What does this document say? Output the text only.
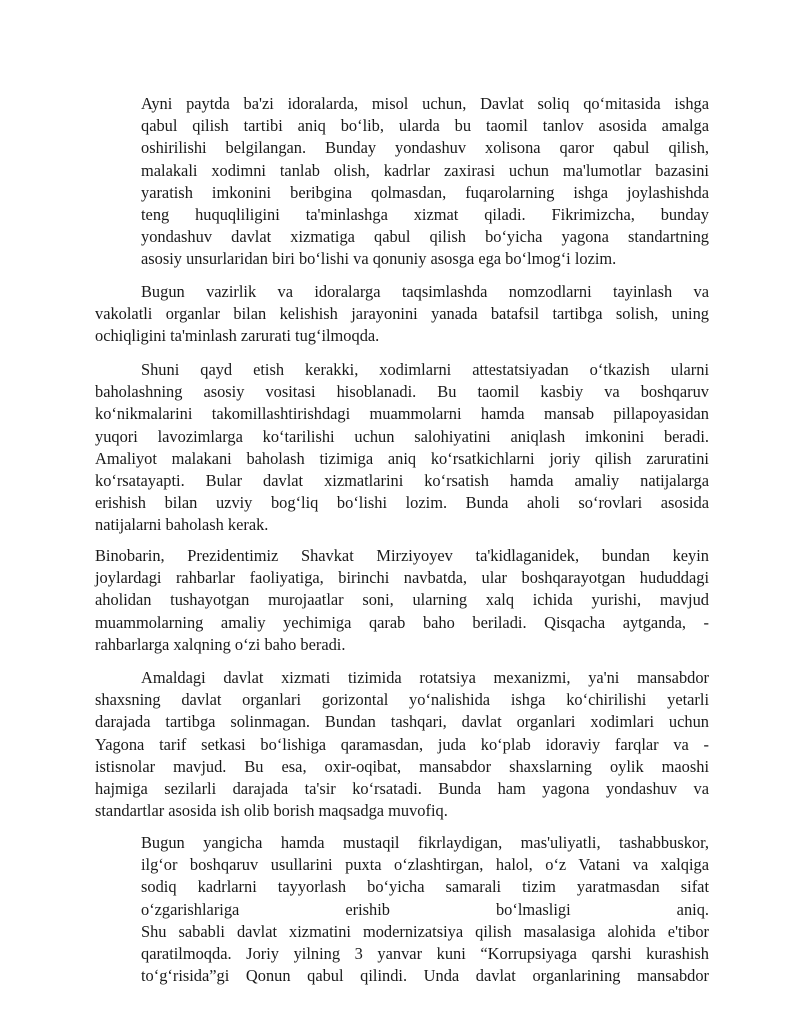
Ayni paytda ba'zi idoralarda, misol uchun, Davlat soliq qo‘mitasida ishga
qabul qilish tartibi aniq bo‘lib, ularda bu taomil tanlov asosida amalga
oshirilishi belgilangan. Bunday yondashuv xolisona qaror qabul qilish,
malakali xodimni tanlab olish, kadrlar zaxirasi uchun ma'lumotlar bazasini
yaratish imkonini beribgina qolmasdan, fuqarolarning ishga joylashishda
teng huquqliligini ta'minlashga xizmat qiladi. Fikrimizcha, bunday
yondashuv davlat xizmatiga qabul qilish bo‘yicha yagona standartning
asosiy unsurlaridan biri bo‘lishi va qonuniy asosga ega bo‘lmog‘i lozim.
Bugun vazirlik va idoralarga taqsimlashda nomzodlarni tayinlash va
vakolatli organlar bilan kelishish jarayonini yanada batafsil tartibga solish, uning
ochiqligini ta'minlash zarurati tug‘ilmoqda.
Shuni qayd etish kerakki, xodimlarni attestatsiyadan o‘tkazish ularni
baholashning asosiy vositasi hisoblanadi. Bu taomil kasbiy va boshqaruv
ko‘nikmalarini takomillashtirishdagi muammolarni hamda mansab pillapoyasidan
yuqori lavozimlarga ko‘tarilishi uchun salohiyatini aniqlash imkonini beradi.
Amaliyot malakani baholash tizimiga aniq ko‘rsatkichlarni joriy qilish zaruratini
ko‘rsatayapti. Bular davlat xizmatlarini ko‘rsatish hamda amaliy natijalarga
erishish bilan uzviy bog‘liq bo‘lishi lozim. Bunda aholi so‘rovlari asosida
natijalarni baholash kerak.
Binobarin, Prezidentimiz Shavkat Mirziyoyev ta'kidlaganidek, bundan keyin
joylardagi rahbarlar faoliyatiga, birinchi navbatda, ular boshqarayotgan hududdagi
aholidan tushayotgan murojaatlar soni, ularning xalq ichida yurishi, mavjud
muammolarning amaliy yechimiga qarab baho beriladi. Qisqacha aytganda, -
rahbarlarga xalqning o‘zi baho beradi.
Amaldagi davlat xizmati tizimida rotatsiya mexanizmi, ya'ni mansabdor
shaxsning davlat organlari gorizontal yo‘nalishida ishga ko‘chirilishi yetarli
darajada tartibga solinmagan. Bundan tashqari, davlat organlari xodimlari uchun
Yagona tarif setkasi bo‘lishiga qaramasdan, juda ko‘plab idoraviy farqlar va -
istisnolar mavjud. Bu esa, oxir-oqibat, mansabdor shaxslarning oylik maoshi
hajmiga sezilarli darajada ta'sir ko‘rsatadi. Bunda ham yagona yondashuv va
standartlar asosida ish olib borish maqsadga muvofiq.
Bugun yangicha hamda mustaqil fikrlaydigan, mas'uliyatli, tashabbuskor,
ilg‘or boshqaruv usullarini puxta o‘zlashtirgan, halol, o‘z Vatani va xalqiga
sodiq kadrlarni tayyorlash bo‘yicha samarali tizim yaratmasdan sifat
o‘zgarishlariga erishib bo‘lmasligi aniq.
Shu sababli davlat xizmatini modernizatsiya qilish masalasiga alohida e'tibor
qaratilmoqda. Joriy yilning 3 yanvar kuni “Korrupsiyaga qarshi kurashish
to‘g‘risida”gi Qonun qabul qilindi. Unda davlat organlarining mansabdor
